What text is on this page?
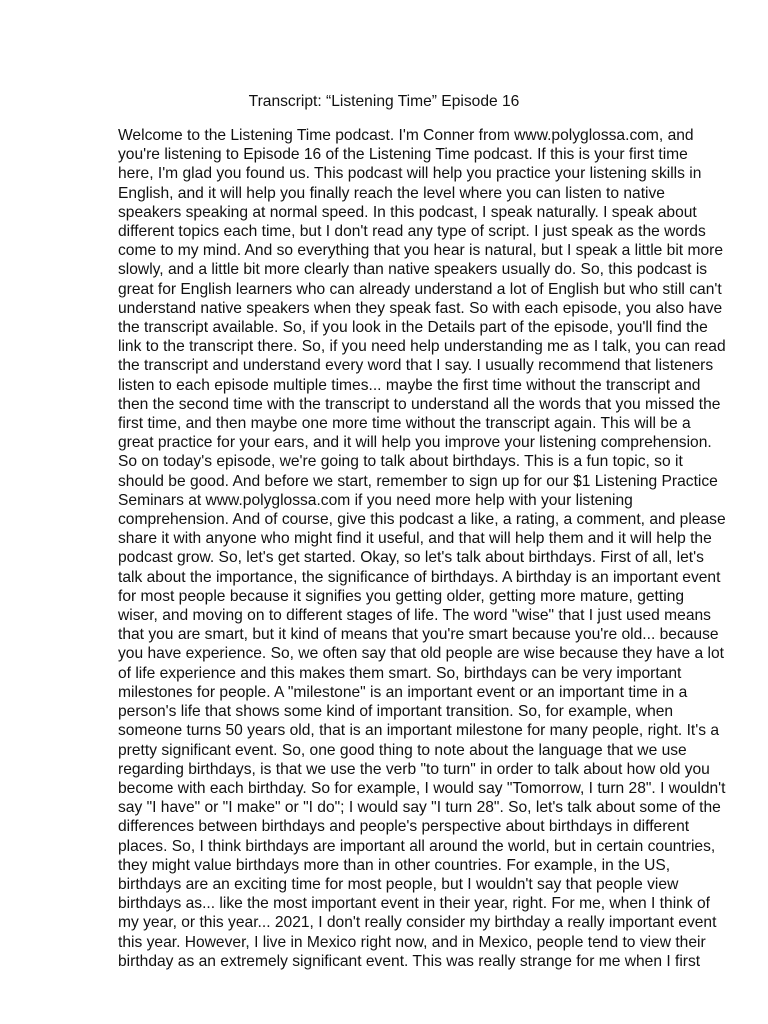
Transcript: “Listening Time” Episode 16
Welcome to the Listening Time podcast. I'm Conner from www.polyglossa.com, and
you're listening to Episode 16 of the Listening Time podcast. If this is your first time
here, I'm glad you found us. This podcast will help you practice your listening skills in
English, and it will help you finally reach the level where you can listen to native
speakers speaking at normal speed. In this podcast, I speak naturally. I speak about
different topics each time, but I don't read any type of script. I just speak as the words
come to my mind. And so everything that you hear is natural, but I speak a little bit more
slowly, and a little bit more clearly than native speakers usually do. So, this podcast is
great for English learners who can already understand a lot of English but who still can't
understand native speakers when they speak fast. So with each episode, you also have
the transcript available. So, if you look in the Details part of the episode, you'll find the
link to the transcript there. So, if you need help understanding me as I talk, you can read
the transcript and understand every word that I say. I usually recommend that listeners
listen to each episode multiple times... maybe the first time without the transcript and
then the second time with the transcript to understand all the words that you missed the
first time, and then maybe one more time without the transcript again. This will be a
great practice for your ears, and it will help you improve your listening comprehension.
So on today's episode, we're going to talk about birthdays. This is a fun topic, so it
should be good. And before we start, remember to sign up for our $1 Listening Practice
Seminars at www.polyglossa.com if you need more help with your listening
comprehension. And of course, give this podcast a like, a rating, a comment, and please
share it with anyone who might find it useful, and that will help them and it will help the
podcast grow. So, let's get started. Okay, so let's talk about birthdays. First of all, let's
talk about the importance, the significance of birthdays. A birthday is an important event
for most people because it signifies you getting older, getting more mature, getting
wiser, and moving on to different stages of life. The word "wise" that I just used means
that you are smart, but it kind of means that you're smart because you're old... because
you have experience. So, we often say that old people are wise because they have a lot
of life experience and this makes them smart. So, birthdays can be very important
milestones for people. A "milestone" is an important event or an important time in a
person's life that shows some kind of important transition. So, for example, when
someone turns 50 years old, that is an important milestone for many people, right. It's a
pretty significant event. So, one good thing to note about the language that we use
regarding birthdays, is that we use the verb "to turn" in order to talk about how old you
become with each birthday. So for example, I would say "Tomorrow, I turn 28". I wouldn't
say "I have" or "I make" or "I do"; I would say "I turn 28". So, let's talk about some of the
differences between birthdays and people's perspective about birthdays in different
places. So, I think birthdays are important all around the world, but in certain countries,
they might value birthdays more than in other countries. For example, in the US,
birthdays are an exciting time for most people, but I wouldn't say that people view
birthdays as... like the most important event in their year, right. For me, when I think of
my year, or this year... 2021, I don't really consider my birthday a really important event
this year. However, I live in Mexico right now, and in Mexico, people tend to view their
birthday as an extremely significant event. This was really strange for me when I first
